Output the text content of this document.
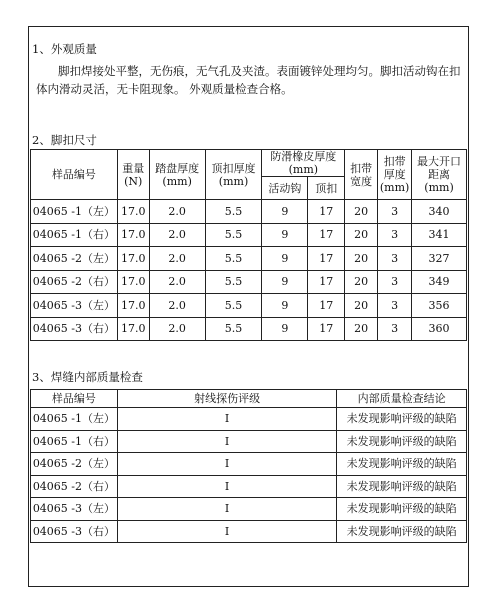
1、外观质量
脚扣焊接处平整，无伤痕，无气孔及夹渣。表面镀锌处理均匀。脚扣活动钩在扣体内滑动灵活，无卡阻现象。 外观质量检查合格。
2、脚扣尺寸
样品编号	重量 (N)	踏盘厚度 (mm)	顶扣厚度 (mm)	防滑橡皮厚度 (mm)		扣带宽度	扣带厚度 (mm)	最大开口距离 (mm)
				活动钩	顶扣			
04065 -1（左）	17.0	2.0	5.5	9	17	20	3	340
04065 -1（右）	17.0	2.0	5.5	9	17	20	3	341
04065 -2（左）	17.0	2.0	5.5	9	17	20	3	327
04065 -2（右）	17.0	2.0	5.5	9	17	20	3	349
04065 -3（左）	17.0	2.0	5.5	9	17	20	3	356
04065 -3（右）	17.0	2.0	5.5	9	17	20	3	360
3、焊缝内部质量检查
样品编号	射线探伤评级	内部质量检查结论
04065 -1（左）	I	未发现影响评级的缺陷
04065 -1（右）	I	未发现影响评级的缺陷
04065 -2（左）	I	未发现影响评级的缺陷
04065 -2（右）	I	未发现影响评级的缺陷
04065 -3（左）	I	未发现影响评级的缺陷
04065 -3（右）	I	未发现影响评级的缺陷
